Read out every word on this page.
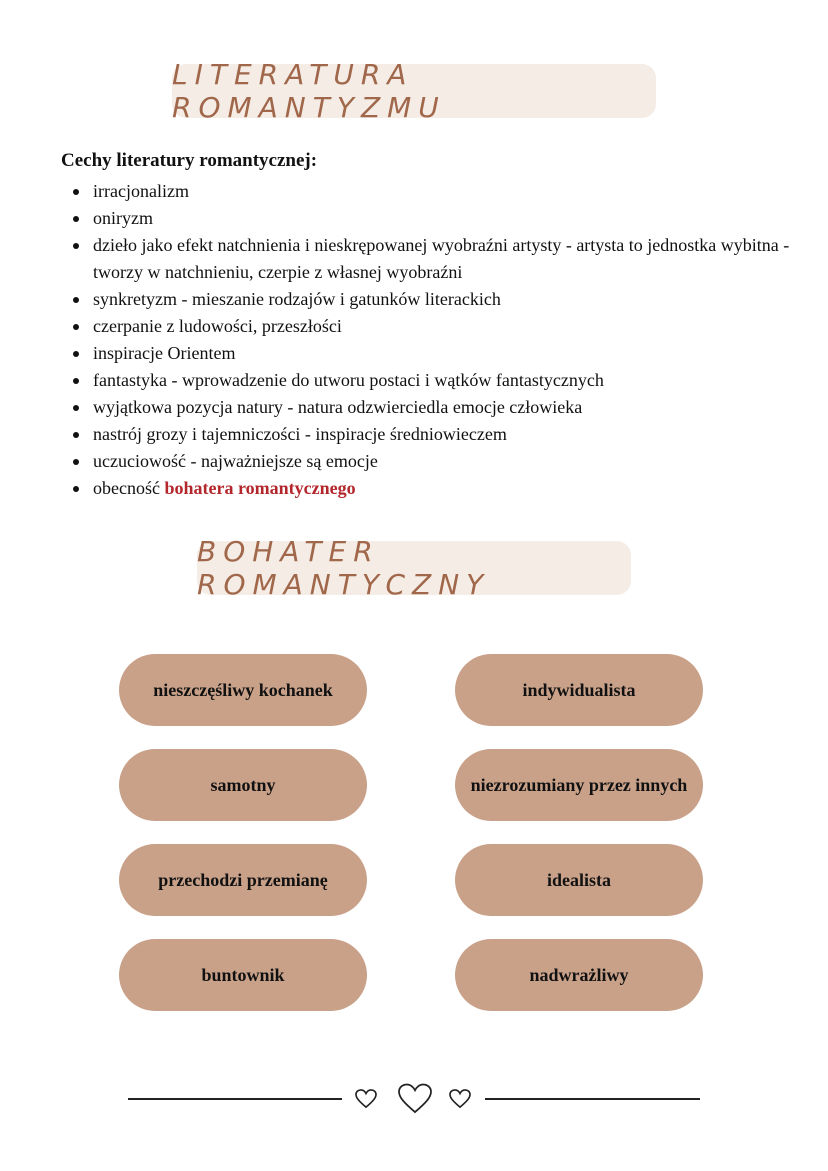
LITERATURA ROMANTYZMU
Cechy literatury romantycznej:
irracjonalizm
oniryzm
dzieło jako efekt natchnienia i nieskrępowanej wyobraźni artysty - artysta to jednostka wybitna - tworzy w natchnieniu, czerpie z własnej wyobraźni
synkretyzm - mieszanie rodzajów i gatunków literackich
czerpanie z ludowości, przeszłości
inspiracje Orientem
fantastyka - wprowadzenie do utworu postaci i wątków fantastycznych
wyjątkowa pozycja natury - natura odzwierciedla emocje człowieka
nastrój grozy i tajemniczości - inspiracje średniowieczem
uczuciowość - najważniejsze są emocje
obecność bohatera romantycznego
BOHATER ROMANTYCZNY
nieszczęśliwy kochanek	indywidualista
samotny	niezrozumiany przez innych
przechodzi przemianę	idealista
buntownik	nadwrażliwy
